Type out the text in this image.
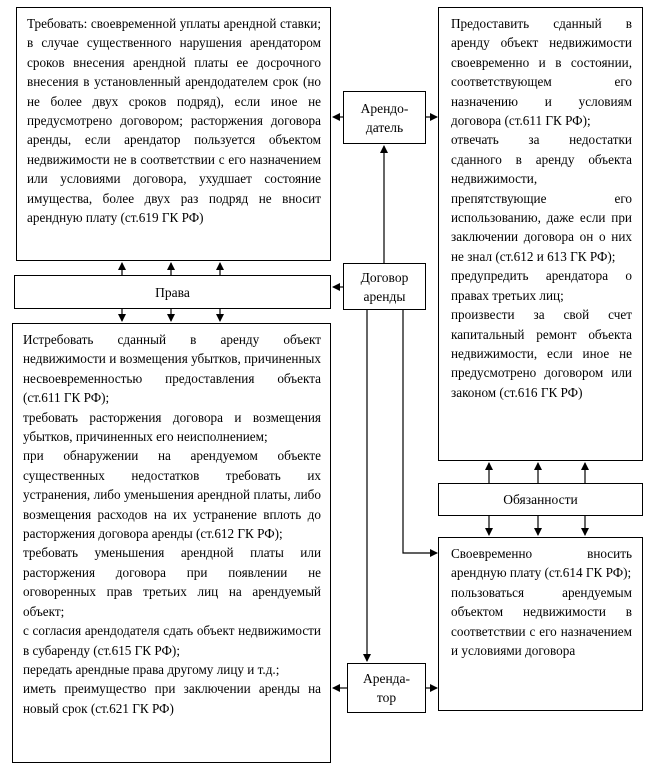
Требовать: своевременной уплаты арендной ставки; в случае существенного нарушения арендатором сроков внесения арендной платы ее досрочного внесения в установленный арендодателем срок (но не более двух сроков подряд), если иное не предусмотрено договором; расторжения договора аренды, если арендатор пользуется объектом недвижимости не в соответствии с его назначением или условиями договора, ухудшает состояние имущества, более двух раз подряд не вносит арендную плату (ст.619 ГК РФ)

Права

Истребовать сданный в аренду объект недвижимости и возмещения убытков, причиненных несвоевременностью предоставления объекта (ст.611 ГК РФ);

требовать расторжения договора и возмещения убытков, причиненных его неисполнением;

при обнаружении на арендуемом объекте существенных недостатков требовать их устранения, либо уменьшения арендной платы, либо возмещения расходов на их устранение вплоть до расторжения договора аренды (ст.612 ГК РФ);

требовать уменьшения арендной платы или расторжения договора при появлении не оговоренных прав третьих лиц на арендуемый объект;

с согласия арендодателя сдать объект недвижимости в субаренду (ст.615 ГК РФ);

передать арендные права другому лицу и т.д.;

иметь преимущество при заключении аренды на новый срок (ст.621 ГК РФ)

Арендо-
датель
Договор аренды
Аренда-
тор

Предоставить сданный в аренду объект недвижимости своевременно и в состоянии, соответствующем его назначению и условиям договора (ст.611 ГК РФ);

отвечать за недостатки сданного в аренду объекта недвижимости, препятствующие его использованию, даже если при заключении договора он о них не знал (ст.612 и 613 ГК РФ);

предупредить арендатора о правах третьих лиц;

произвести за свой счет капитальный ремонт объекта недвижимости, если иное не предусмотрено договором или законом (ст.616 ГК РФ)

Обязанности

Своевременно вносить арендную плату (ст.614 ГК РФ);

пользоваться арендуемым объектом недвижимости в соответствии с его назначением и условиями договора
